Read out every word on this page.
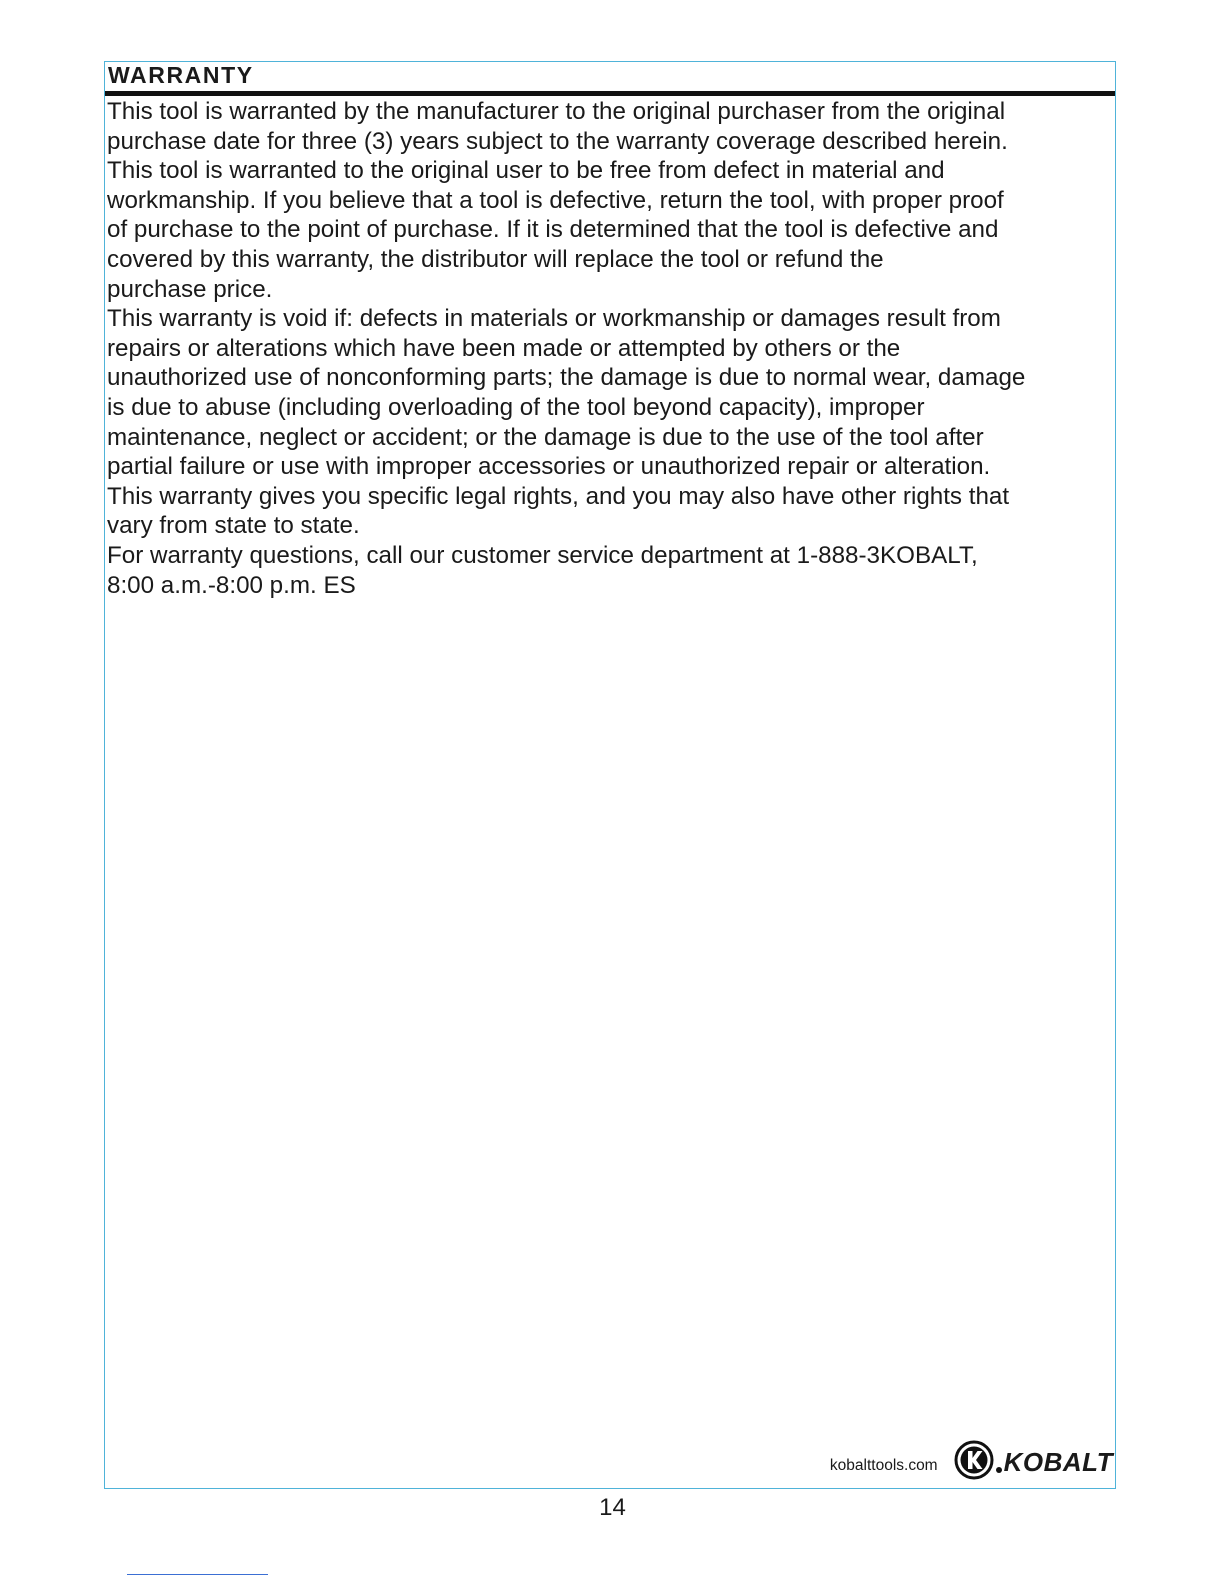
WARRANTY
This tool is warranted by the manufacturer to the original purchaser from the original
purchase date for three (3) years subject to the warranty coverage described herein.
This tool is warranted to the original user to be free from defect in material and
workmanship. If you believe that a tool is defective, return the tool, with proper proof
of purchase to the point of purchase. If it is determined that the tool is defective and
covered by this warranty, the distributor will replace the tool or refund the
purchase price.
This warranty is void if: defects in materials or workmanship or damages result from
repairs or alterations which have been made or attempted by others or the
unauthorized use of nonconforming parts; the damage is due to normal wear, damage
is due to abuse (including overloading of the tool beyond capacity), improper
maintenance, neglect or accident; or the damage is due to the use of the tool after
partial failure or use with improper accessories or unauthorized repair or alteration.
This warranty gives you specific legal rights, and you may also have other rights that
vary from state to state.
For warranty questions, call our customer service department at 1-888-3KOBALT,
8:00 a.m.-8:00 p.m. ES
kobalttools.com	KOBALT
14
